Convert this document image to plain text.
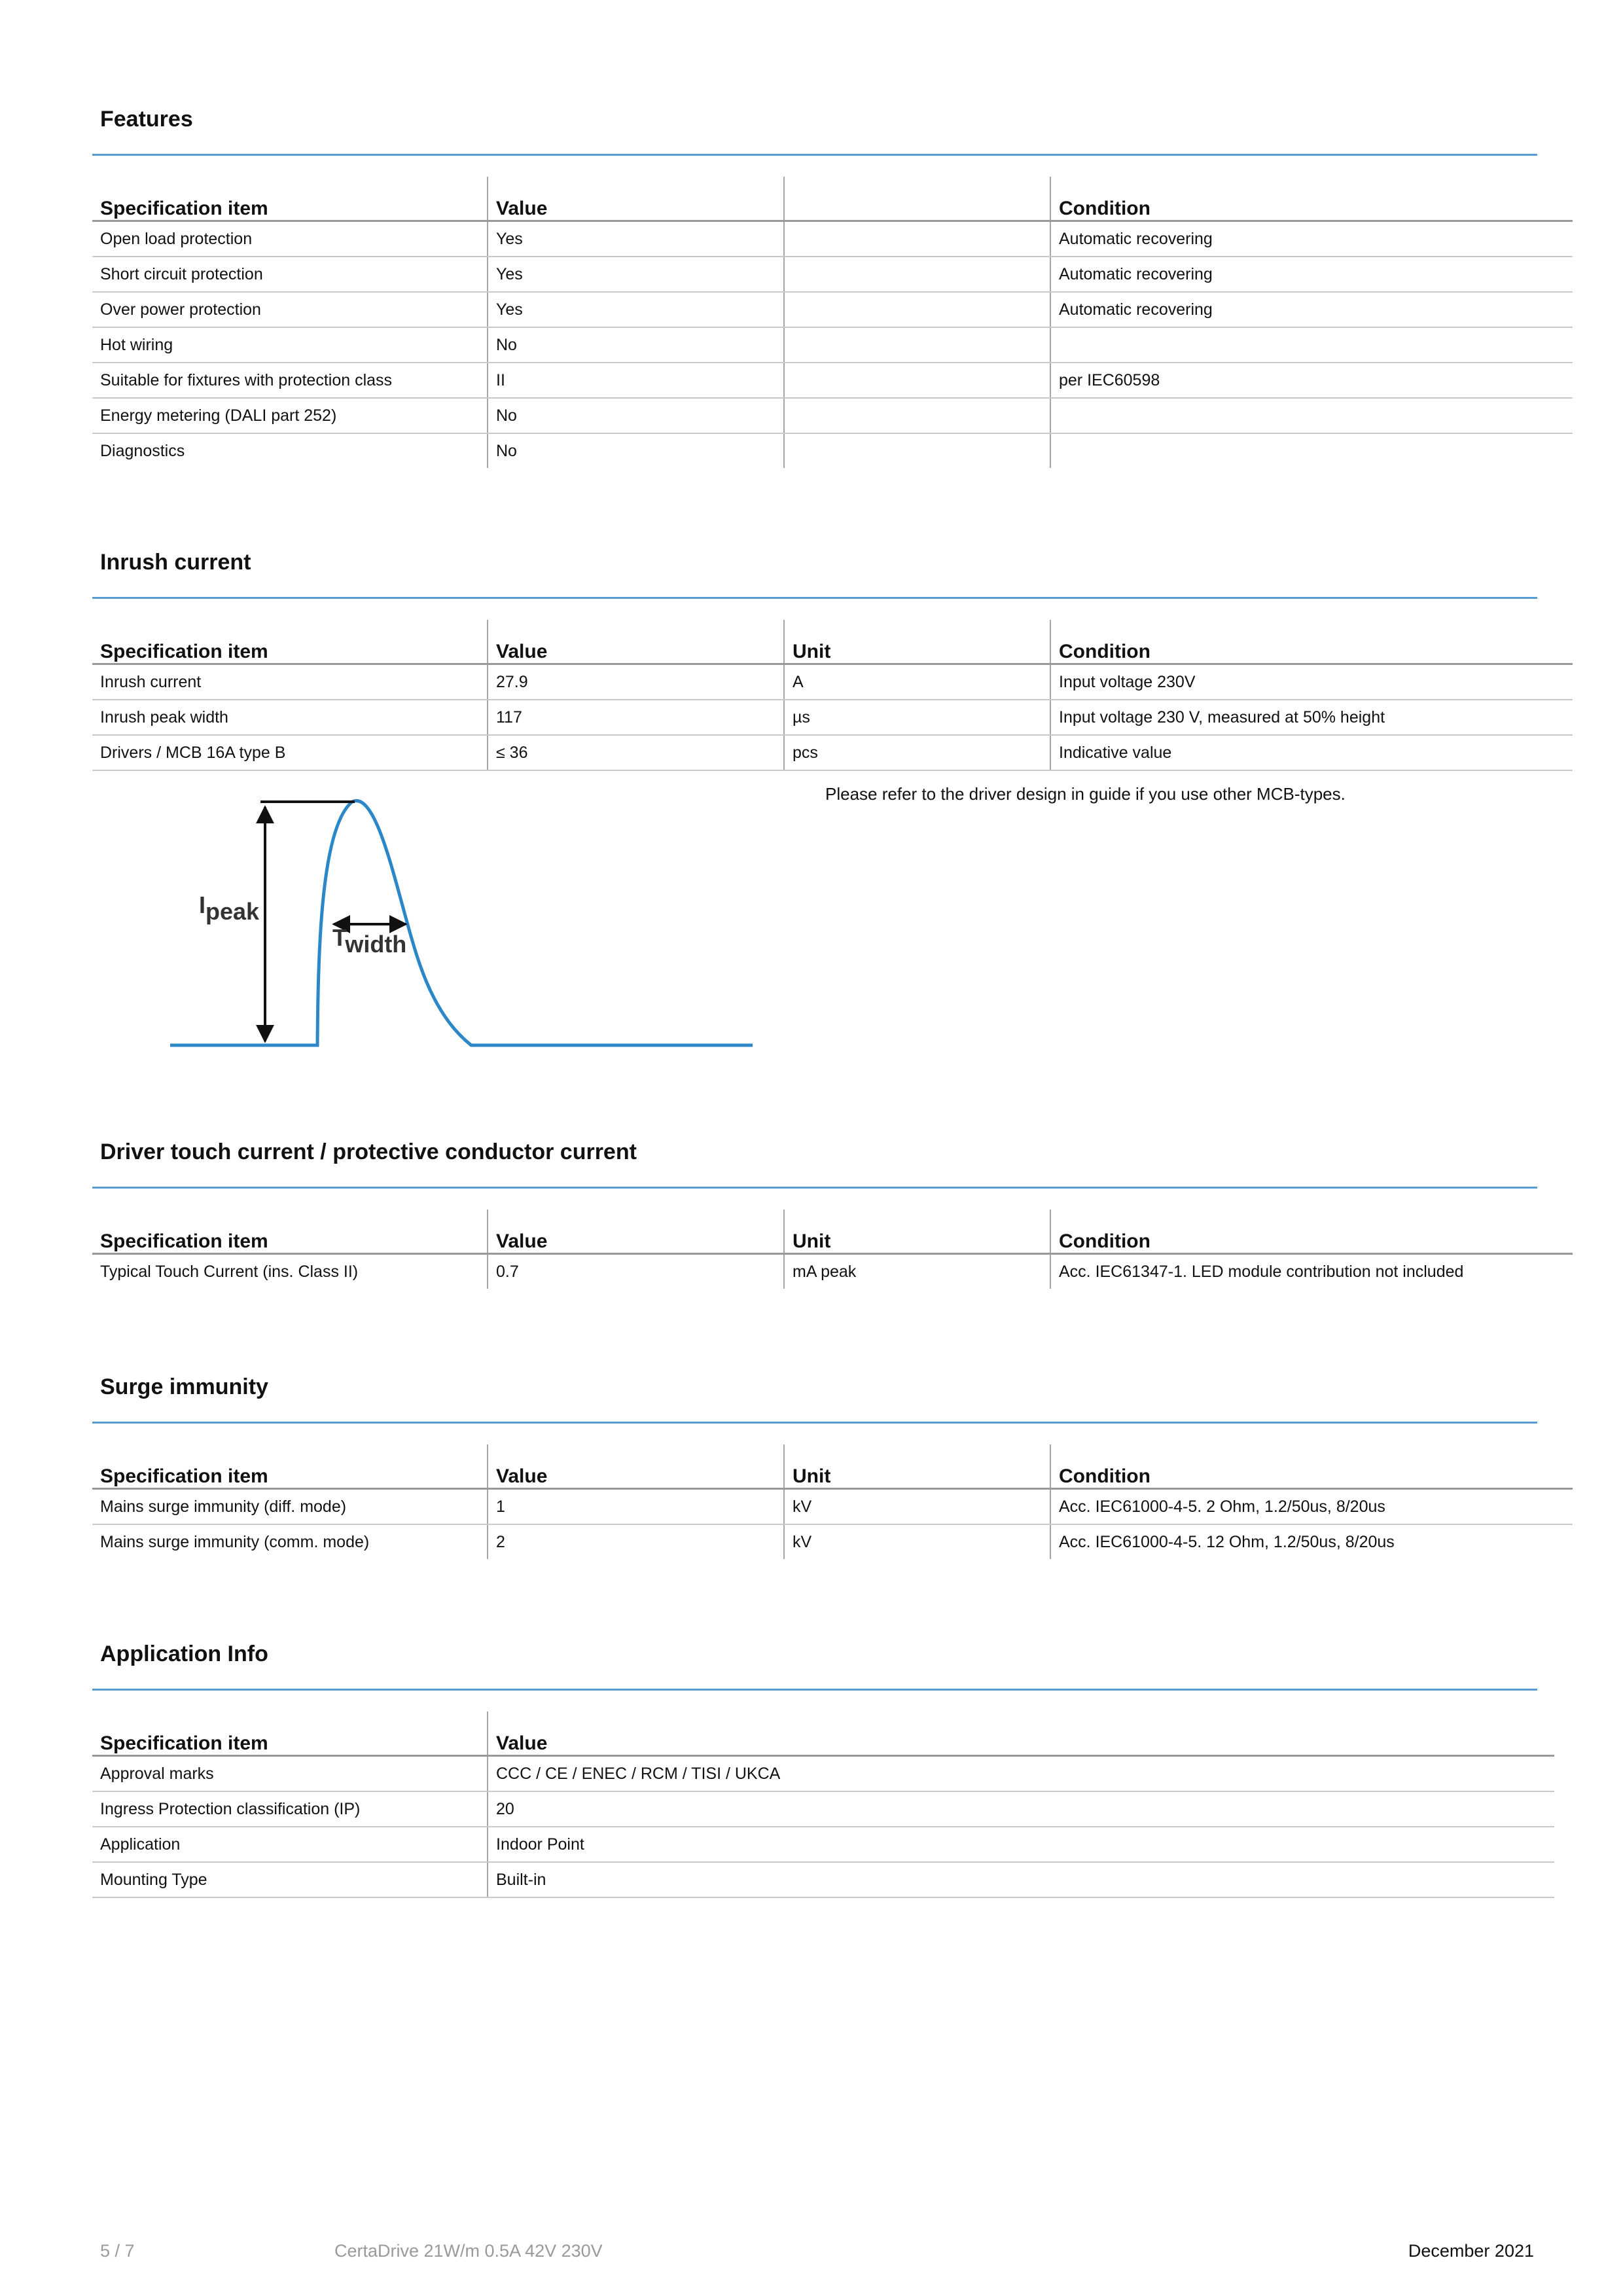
Features
Specification item	Value		Condition
Open load protection	Yes		Automatic recovering
Short circuit protection	Yes		Automatic recovering
Over power protection	Yes		Automatic recovering
Hot wiring	No		
Suitable for fixtures with protection class	II		per IEC60598
Energy metering (DALI part 252)	No		
Diagnostics	No		
Inrush current
Specification item	Value	Unit	Condition
Inrush current	27.9	A	Input voltage 230V
Inrush peak width	117	µs	Input voltage 230 V, measured at 50% height
Drivers / MCB 16A type B	≤ 36	pcs	Indicative value
Please refer to the driver design in guide if you use other MCB-types.
Ipeak
Twidth
Driver touch current / protective conductor current
Specification item	Value	Unit	Condition
Typical Touch Current (ins. Class II)	0.7	mA peak	Acc. IEC61347-1. LED module contribution not included
Surge immunity
Specification item	Value	Unit	Condition
Mains surge immunity (diff. mode)	1	kV	Acc. IEC61000-4-5. 2 Ohm, 1.2/50us, 8/20us
Mains surge immunity (comm. mode)	2	kV	Acc. IEC61000-4-5. 12 Ohm, 1.2/50us, 8/20us
Application Info
Specification item	Value
Approval marks	CCC / CE / ENEC / RCM / TISI / UKCA
Ingress Protection classification (IP)	20
Application	Indoor Point
Mounting Type	Built-in
5 / 7	CertaDrive 21W/m 0.5A 42V 230V	December 2021
